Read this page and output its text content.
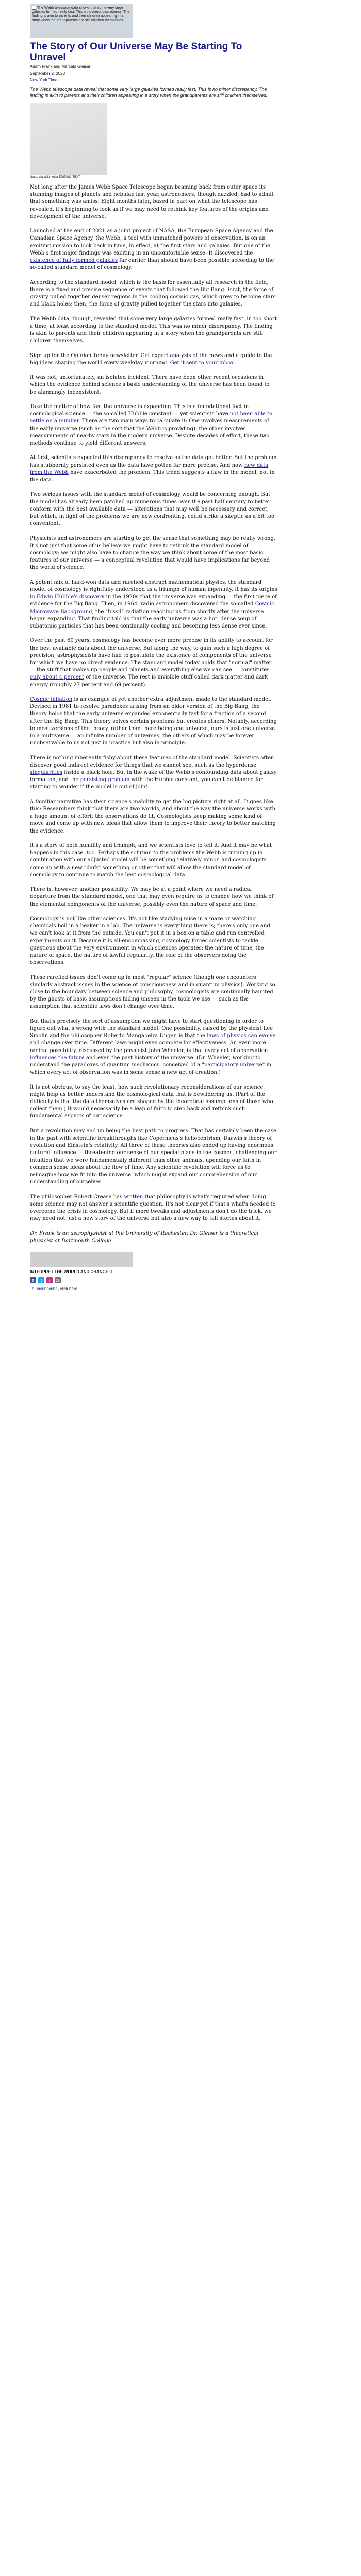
The Webb telescope data shows that some very large galaxies formed really fast. This is no minor discrepancy. The finding is akin to parents and their children appearing in a story when the grandparents are still children themselves.
The Story of Our Universe May Be Starting To Unravel
Adam Frank and Marcelo Gleiser
September 2, 2023
New York Times
The Webb telescope data reveal that some very large galaxies formed really fast. This is no minor discrepancy. The finding is akin to parents and their children appearing in a story when the grandparents are still children themselves.
Nasa, via Wikimedia EDIT/NO-TEXT

Not long after the James Webb Space Telescope began beaming back from outer space its stunning images of planets and nebulae last year, astronomers, though dazzled, had to admit that something was amiss. Eight months later, based in part on what the telescope has revealed, it's beginning to look as if we may need to rethink key features of the origins and development of the universe.

Launched at the end of 2021 as a joint project of NASA, the European Space Agency and the Canadian Space Agency, the Webb, a tool with unmatched powers of observation, is on an exciting mission to look back in time, in effect, at the first stars and galaxies. But one of the Webb's first major findings was exciting in an uncomfortable sense: It discovered the existence of fully formed galaxies far earlier than should have been possible according to the so-called standard model of cosmology.

According to the standard model, which is the basis for essentially all research in the field, there is a fixed and precise sequence of events that followed the Big Bang: First, the force of gravity pulled together denser regions in the cooling cosmic gas, which grew to become stars and black holes; then, the force of gravity pulled together the stars into galaxies.

The Webb data, though, revealed that some very large galaxies formed really fast, in too short a time, at least according to the standard model. This was no minor discrepancy. The finding is akin to parents and their children appearing in a story when the grandparents are still children themselves.

Sign up for the Opinion Today newsletter. Get expert analysis of the news and a guide to the big ideas shaping the world every weekday morning. Get it sent to your inbox.

It was not, unfortunately, an isolated incident. There have been other recent occasions in which the evidence behind science's basic understanding of the universe has been found to be alarmingly inconsistent.

Take the matter of how fast the universe is expanding. This is a foundational fact in cosmological science — the so-called Hubble constant — yet scientists have not been able to settle on a number. There are two main ways to calculate it: One involves measurements of the early universe (such as the sort that the Webb is providing); the other involves measurements of nearby stars in the modern universe. Despite decades of effort, these two methods continue to yield different answers.

At first, scientists expected this discrepancy to resolve as the data got better. But the problem has stubbornly persisted even as the data have gotten far more precise. And now new data from the Webb have exacerbated the problem. This trend suggests a flaw in the model, not in the data.

Two serious issues with the standard model of cosmology would be concerning enough. But the model has already been patched up numerous times over the past half century to better conform with the best available data — alterations that may well be necessary and correct, but which, in light of the problems we are now confronting, could strike a skeptic as a bit too convenient.

Physicists and astronomers are starting to get the sense that something may be really wrong. It's not just that some of us believe we might have to rethink the standard model of cosmology; we might also have to change the way we think about some of the most basic features of our universe — a conceptual revolution that would have implications far beyond the world of science.

A potent mix of hard-won data and rarefied abstract mathematical physics, the standard model of cosmology is rightfully understood as a triumph of human ingenuity. It has its origins in Edwin Hubble's discovery in the 1920s that the universe was expanding — the first piece of evidence for the Big Bang. Then, in 1964, radio astronomers discovered the so-called Cosmic Microwave Background, the "fossil" radiation reaching us from shortly after the universe began expanding. That finding told us that the early universe was a hot, dense soup of subatomic particles that has been continually cooling and becoming less dense ever since.

Over the past 60 years, cosmology has become ever more precise in its ability to account for the best available data about the universe. But along the way, to gain such a high degree of precision, astrophysicists have had to postulate the existence of components of the universe for which we have no direct evidence. The standard model today holds that "normal" matter — the stuff that makes up people and planets and everything else we can see — constitutes only about 4 percent of the universe. The rest is invisible stuff called dark matter and dark energy (roughly 27 percent and 69 percent).

Cosmic inflation is an example of yet another extra adjustment made to the standard model. Devised in 1981 to resolve paradoxes arising from an older version of the Big Bang, the theory holds that the early universe expanded exponentially fast for a fraction of a second after the Big Bang. This theory solves certain problems but creates others. Notably, according to most versions of the theory, rather than there being one universe, ours is just one universe in a multiverse — an infinite number of universes, the others of which may be forever unobservable to us not just in practice but also in principle.

There is nothing inherently fishy about these features of the standard model. Scientists often discover good indirect evidence for things that we cannot see, such as the hyperdense singularities inside a black hole. But in the wake of the Webb's confounding data about galaxy formation, and the persisting problem with the Hubble constant, you can't be blamed for starting to wonder if the model is out of joint.

A familiar narrative has their science's inability to get the big picture right at all. It goes like this: Researchers think that there are two worlds, and about the way the universe works with a huge amount of effort; the observations do fit. Cosmologists keep making some kind of move and come up with new ideas that allow them to improve their theory to better matching the evidence.

It's a story of both humility and triumph, and we scientists love to tell it. And it may be what happens in this case, too. Perhaps the solution to the problems the Webb is turning up in combination with our adjusted model will be something relatively minor, and cosmologists come up with a new "dark" something or other that will allow the standard model of cosmology to continue to match the best cosmological data.

There is, however, another possibility. We may be at a point where we need a radical departure from the standard model, one that may even require us to change how we think of the elemental components of the universe, possibly even the nature of space and time.

Cosmology is not like other sciences. It's not like studying mice in a maze or watching chemicals boil in a beaker in a lab. The universe is everything there is; there's only one and we can't look at it from the outside. You can't put it in a box on a table and run controlled experiments on it. Because it is all-encompassing, cosmology forces scientists to tackle questions about the very environment in which sciences operates: the nature of time, the nature of space, the nature of lawful regularity, the role of the observers doing the observations.

These rarefied issues don't come up in most "regular" science (though one encounters similarly abstract issues in the science of consciousness and in quantum physics). Working so close to the boundary between science and philosophy, cosmologists are continually haunted by the ghosts of basic assumptions hiding unseen in the tools we use — such as the assumption that scientific laws don't change over time.

But that's precisely the sort of assumption we might have to start questioning in order to figure out what's wrong with the standard model. One possibility, raised by the physicist Lee Smolin and the philosopher Roberto Mangabeira Unger, is that the laws of physics can evolve and change over time. Different laws might even compete for effectiveness. An even more radical possibility, discussed by the physicist John Wheeler, is that every act of observation influences the future and even the past history of the universe. (Dr. Wheeler, working to understand the paradoxes of quantum mechanics, conceived of a "participatory universe" in which every act of observation was in some sense a new act of creation.)

It is not obvious, to say the least, how such revolutionary reconsiderations of our science might help us better understand the cosmological data that is bewildering us. (Part of the difficulty is that the data themselves are shaped by the theoretical assumptions of those who collect them.) It would necessarily be a leap of faith to step back and rethink such fundamental aspects of our science.

But a revolution may end up being the best path to progress. That has certainly been the case in the past with scientific breakthroughs like Copernicus's heliocentrism, Darwin's theory of evolution and Einstein's relativity. All three of these theories also ended up having enormous cultural influence — threatening our sense of our special place in the cosmos, challenging our intuition that we were fundamentally different than other animals, upending our faith in common sense ideas about the flow of time. Any scientific revolution will force us to reimagine how we fit into the universe, which might expand our comprehension of our understanding of ourselves.

The philosopher Robert Crease has written that philosophy is what's required when doing some science may not answer a scientific question. It's not clear yet if that's what's needed to overcome the crisis in cosmology. But if more tweaks and adjustments don't do the trick, we may need not just a new story of the universe but also a new way to tell stories about it.

Dr. Frank is an astrophysicist at the University of Rochester. Dr. Gleiser is a theoretical physicist at Dartmouth College.

INTERPRET THE WORLD AND CHANGE IT
f	t	i	@
To unsubscribe, click here.
